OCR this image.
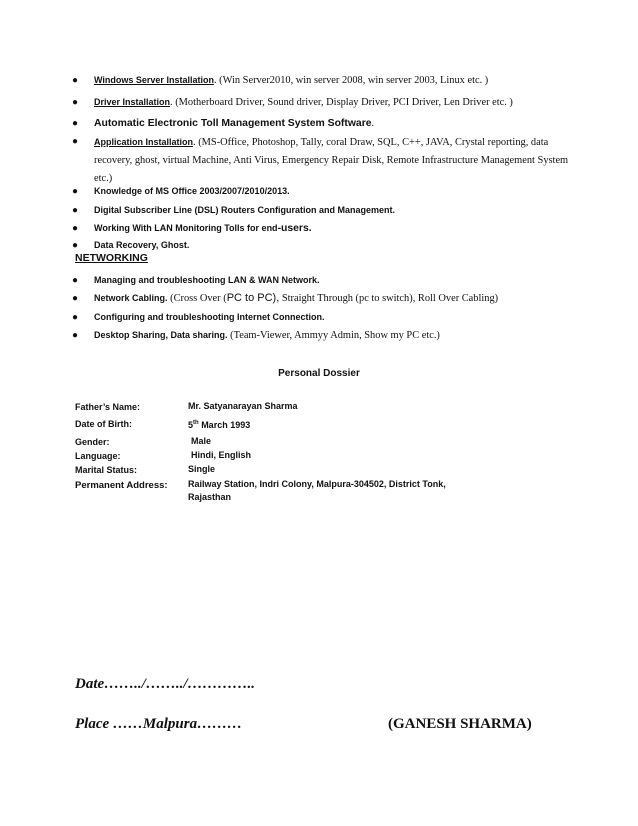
● Windows Server Installation. (Win Server2010, win server 2008, win server 2003, Linux etc. )
● Driver Installation. (Motherboard Driver, Sound driver, Display Driver, PCI Driver, Len Driver etc. )
● Automatic Electronic Toll Management System Software.
● Application Installation. (MS-Office, Photoshop, Tally, coral Draw, SQL, C++, JAVA, Crystal reporting, data recovery, ghost, virtual Machine, Anti Virus, Emergency Repair Disk, Remote Infrastructure Management System etc.)
● Knowledge of MS Office 2003/2007/2010/2013.
● Digital Subscriber Line (DSL) Routers Configuration and Management.
● Working With LAN Monitoring Tolls for end-users.
● Data Recovery, Ghost.
NETWORKING
● Managing and troubleshooting LAN & WAN Network.
● Network Cabling. (Cross Over (PC to PC), Straight Through (pc to switch), Roll Over Cabling)
● Configuring and troubleshooting Internet Connection.
● Desktop Sharing, Data sharing. (Team-Viewer, Ammyy Admin, Show my PC etc.)
Personal Dossier
Father’s Name:	Mr. Satyanarayan Sharma
Date of Birth:	5th March 1993
Gender:	Male
Language:	Hindi, English
Marital Status:	Single
Permanent Address: Railway Station, Indri Colony, Malpura-304502, District Tonk,
Rajasthan
Date……../……../…………..
Place ……Malpura………	(GANESH SHARMA)
